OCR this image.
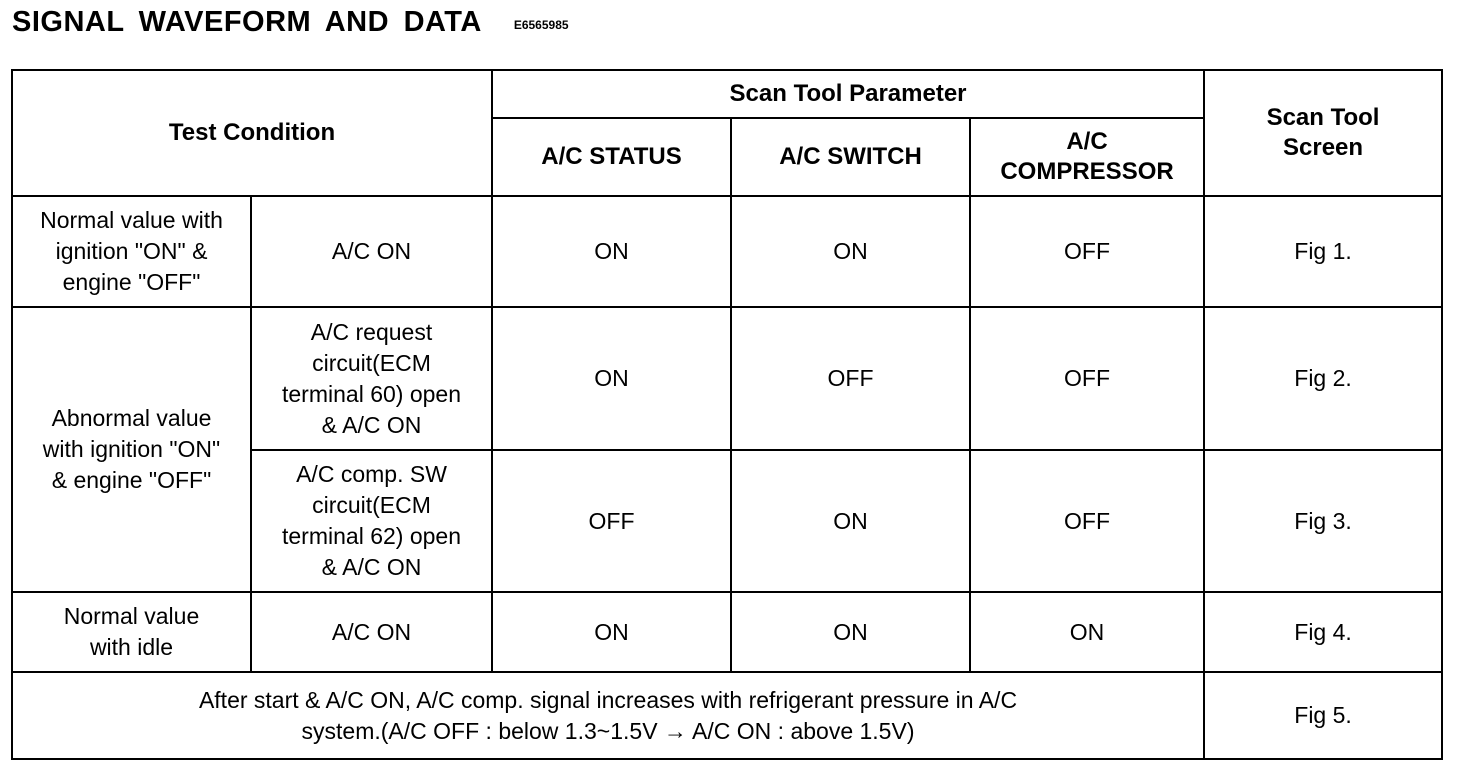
SIGNAL WAVEFORM AND DATA	E6565985
Test Condition		Scan Tool Parameter			Scan Tool
Screen
		A/C STATUS	A/C SWITCH	A/C
COMPRESSOR	
Normal value with
ignition "ON" &
engine "OFF"	A/C ON	ON	ON	OFF	Fig 1.
Abnormal value
with ignition "ON"
& engine "OFF"	A/C request
circuit(ECM
terminal 60) open
& A/C ON	ON	OFF	OFF	Fig 2.
	A/C comp. SW
circuit(ECM
terminal 62) open
& A/C ON	OFF	ON	OFF	Fig 3.
Normal value
with idle	A/C ON	ON	ON	ON	Fig 4.
After start & A/C ON, A/C comp. signal increases with refrigerant pressure in A/C
system.(A/C OFF : below 1.3~1.5V → A/C ON : above 1.5V)					Fig 5.
